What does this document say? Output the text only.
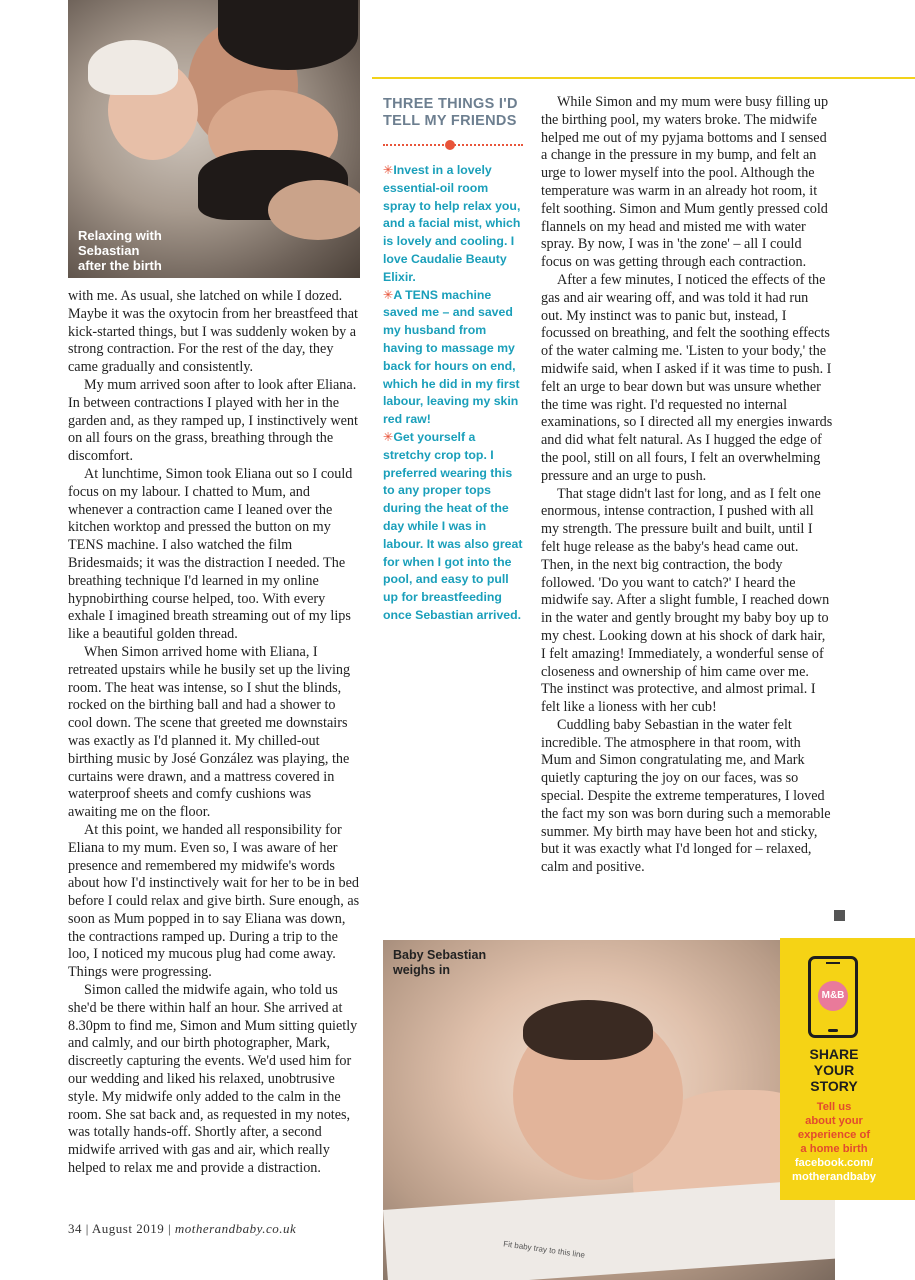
Relaxing with
Sebastian
after the birth

with me. As usual, she latched on while I dozed. Maybe it was the oxytocin from her breastfeed that kick-started things, but I was suddenly woken by a strong contraction. For the rest of the day, they came gradually and consistently.

My mum arrived soon after to look after Eliana. In between contractions I played with her in the garden and, as they ramped up, I instinctively went on all fours on the grass, breathing through the discomfort.

At lunchtime, Simon took Eliana out so I could focus on my labour. I chatted to Mum, and whenever a contraction came I leaned over the kitchen worktop and pressed the button on my TENS machine. I also watched the film Bridesmaids; it was the distraction I needed. The breathing technique I'd learned in my online hypnobirthing course helped, too. With every exhale I imagined breath streaming out of my lips like a beautiful golden thread.

When Simon arrived home with Eliana, I retreated upstairs while he busily set up the living room. The heat was intense, so I shut the blinds, rocked on the birthing ball and had a shower to cool down. The scene that greeted me downstairs was exactly as I'd planned it. My chilled-out birthing music by José González was playing, the curtains were drawn, and a mattress covered in waterproof sheets and comfy cushions was awaiting me on the floor.

At this point, we handed all responsibility for Eliana to my mum. Even so, I was aware of her presence and remembered my midwife's words about how I'd instinctively wait for her to be in bed before I could relax and give birth. Sure enough, as soon as Mum popped in to say Eliana was down, the contractions ramped up. During a trip to the loo, I noticed my mucous plug had come away. Things were progressing.

Simon called the midwife again, who told us she'd be there within half an hour. She arrived at 8.30pm to find me, Simon and Mum sitting quietly and calmly, and our birth photographer, Mark, discreetly capturing the events. We'd used him for our wedding and liked his relaxed, unobtrusive style. My midwife only added to the calm in the room. She sat back and, as requested in my notes, was totally hands-off. Shortly after, a second midwife arrived with gas and air, which really helped to relax me and provide a distraction.

THREE THINGS I'D TELL MY FRIENDS

✳Invest in a lovely essential-oil room spray to help relax you, and a facial mist, which is lovely and cooling. I love Caudalie Beauty Elixir.

✳A TENS machine saved me – and saved my husband from having to massage my back for hours on end, which he did in my first labour, leaving my skin red raw!

✳Get yourself a stretchy crop top. I preferred wearing this to any proper tops during the heat of the day while I was in labour. It was also great for when I got into the pool, and easy to pull up for breastfeeding once Sebastian arrived.

While Simon and my mum were busy filling up the birthing pool, my waters broke. The midwife helped me out of my pyjama bottoms and I sensed a change in the pressure in my bump, and felt an urge to lower myself into the pool. Although the temperature was warm in an already hot room, it felt soothing. Simon and Mum gently pressed cold flannels on my head and misted me with water spray. By now, I was in 'the zone' – all I could focus on was getting through each contraction.

After a few minutes, I noticed the effects of the gas and air wearing off, and was told it had run out. My instinct was to panic but, instead, I focussed on breathing, and felt the soothing effects of the water calming me. 'Listen to your body,' the midwife said, when I asked if it was time to push. I felt an urge to bear down but was unsure whether the time was right. I'd requested no internal examinations, so I directed all my energies inwards and did what felt natural. As I hugged the edge of the pool, still on all fours, I felt an overwhelming pressure and an urge to push.

That stage didn't last for long, and as I felt one enormous, intense contraction, I pushed with all my strength. The pressure built and built, until I felt huge release as the baby's head came out. Then, in the next big contraction, the body followed. 'Do you want to catch?' I heard the midwife say. After a slight fumble, I reached down in the water and gently brought my baby boy up to my chest. Looking down at his shock of dark hair, I felt amazing! Immediately, a wonderful sense of closeness and ownership of him came over me. The instinct was protective, and almost primal. I felt like a lioness with her cub!

Cuddling baby Sebastian in the water felt incredible. The atmosphere in that room, with Mum and Simon congratulating me, and Mark quietly capturing the joy on our faces, was so special. Despite the extreme temperatures, I loved the fact my son was born during such a memorable summer. My birth may have been hot and sticky, but it was exactly what I'd longed for – relaxed, calm and positive.

Fit baby tray to this line
Baby Sebastian
weighs in
M&B
SHARE
YOUR
STORY
Tell us
about your
experience of
a home birth
facebook.com/
motherandbaby
34 | August 2019 | motherandbaby.co.uk
